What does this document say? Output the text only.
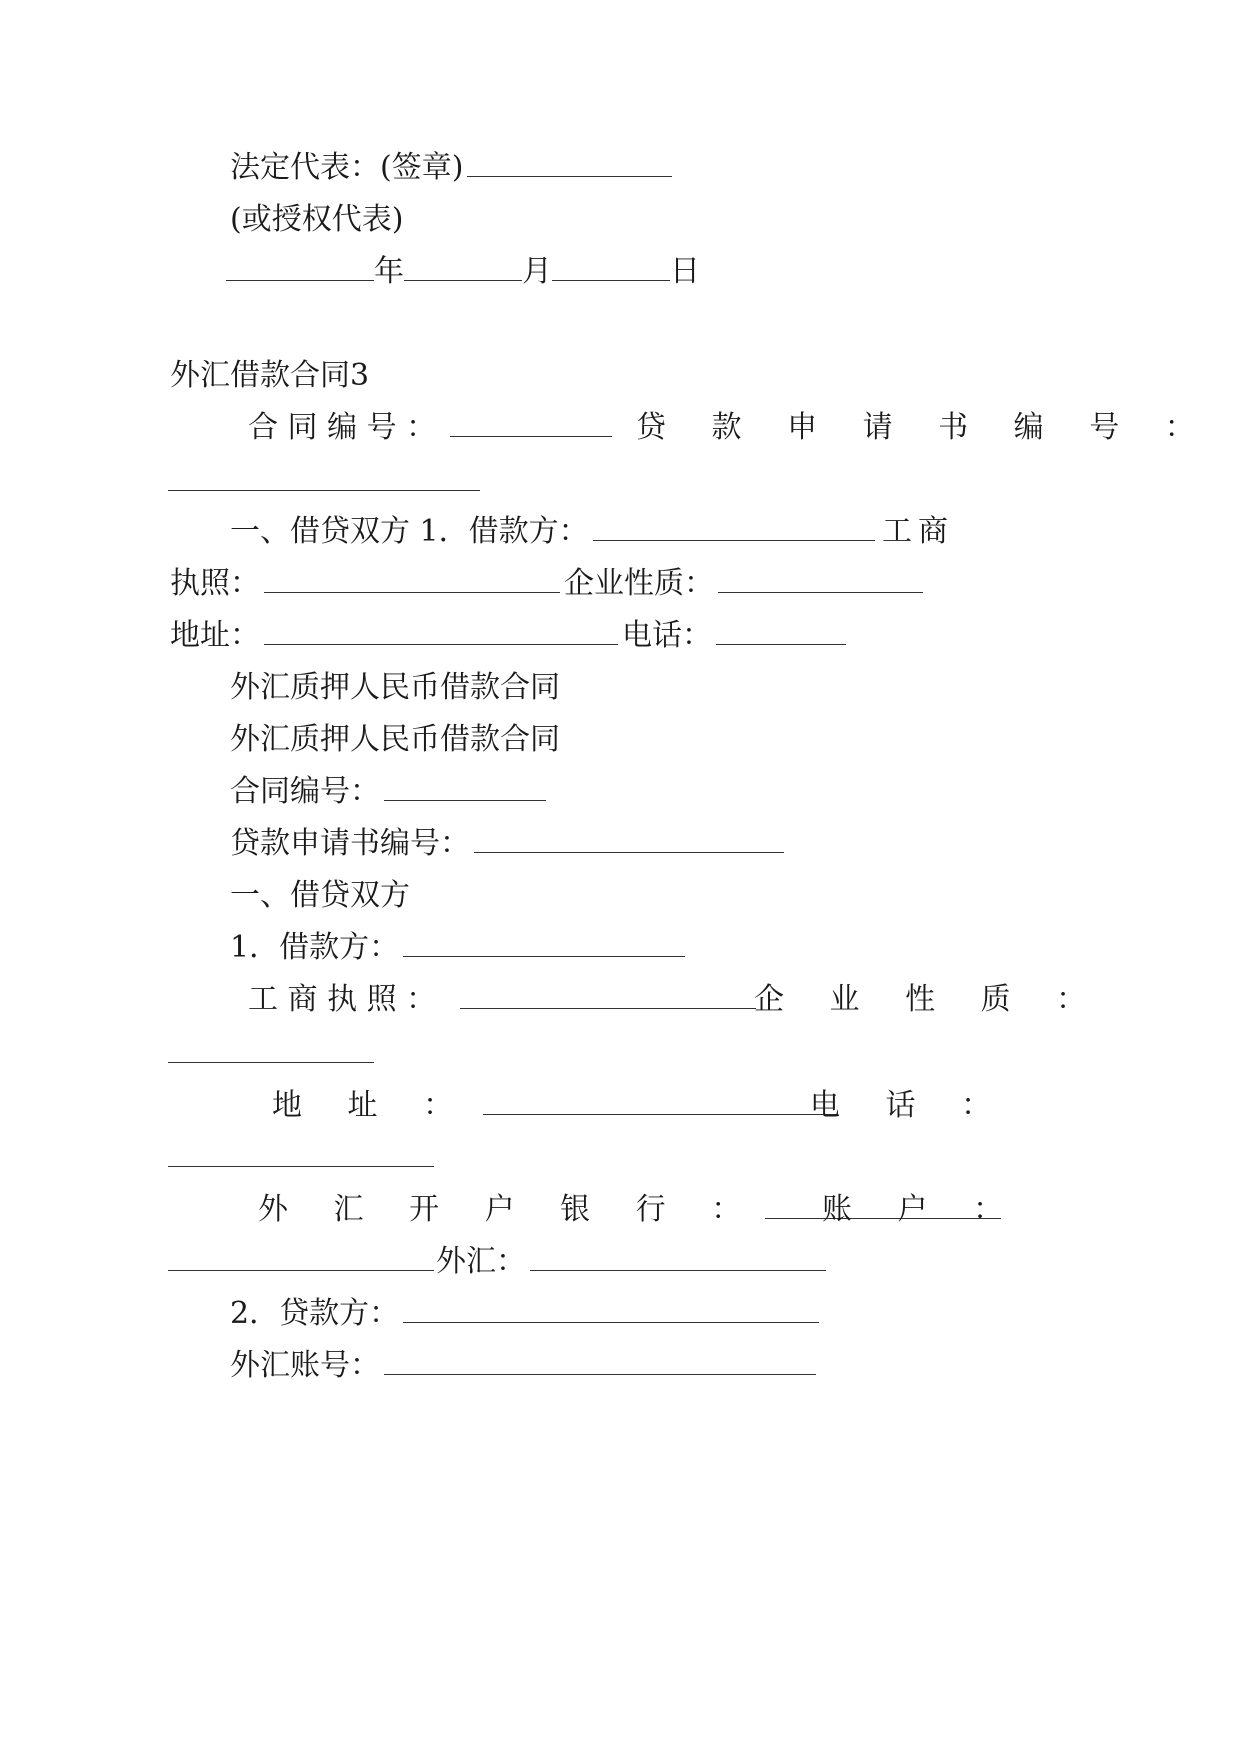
法定代表：(签章)
(或授权代表)
年	月	日
外汇借款合同3
合 同 编 号 ：	贷 款 申 请 书 编 号 ：
一、借贷双方 1．借款方：	工商
执照：	企业性质：
地址：	电话：
外汇质押人民币借款合同
外汇质押人民币借款合同
合同编号：
贷款申请书编号：
一、借贷双方
1．借款方：
工 商 执 照 ：	企 业 性 质 ：
地 址 ：	电 话 ：
外 汇 开 户 银 行 ：	账 户 ：
外汇：
2．贷款方：
外汇账号：
